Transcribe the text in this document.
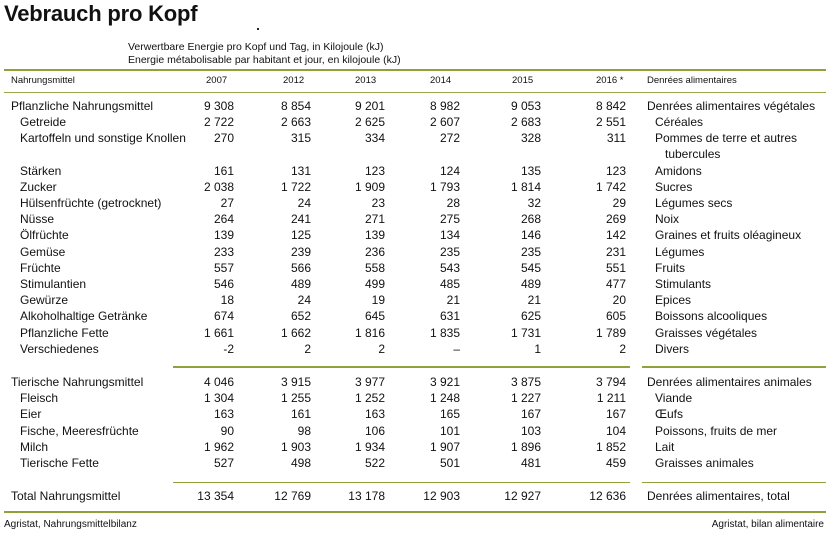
Vebrauch pro Kopf
Verwertbare Energie pro Kopf und Tag, in Kilojoule (kJ)
Energie métabolisable par habitant et jour, en kilojoule (kJ)
Nahrungsmittel	2007	2012	2013	2014	2015	2016 * Denrées alimentaires
Pflanzliche Nahrungsmittel	9 308	8 854	9 201	8 982	9 053	8 842 Denrées alimentaires végétales
Getreide	2 722	2 663	2 625	2 607	2 683	2 551 Céréales
Kartoffeln und sonstige Knollen	270	315	334	272	328	311 Pommes de terre et autres
tubercules
Stärken	161	131	123	124	135	123 Amidons
Zucker	2 038	1 722	1 909	1 793	1 814	1 742 Sucres
Hülsenfrüchte (getrocknet)	27	24	23	28	32	29 Légumes secs
Nüsse	264	241	271	275	268	269 Noix
Ölfrüchte	139	125	139	134	146	142 Graines et fruits oléagineux
Gemüse	233	239	236	235	235	231 Légumes
Früchte	557	566	558	543	545	551 Fruits
Stimulantien	546	489	499	485	489	477 Stimulants
Gewürze	18	24	19	21	21	20 Epices
Alkoholhaltige Getränke	674	652	645	631	625	605 Boissons alcooliques
Pflanzliche Fette	1 661	1 662	1 816	1 835	1 731	1 789 Graisses végétales
Verschiedenes	-2	2	2	–	1	2 Divers
Tierische Nahrungsmittel	4 046	3 915	3 977	3 921	3 875	3 794 Denrées alimentaires animales
Fleisch	1 304	1 255	1 252	1 248	1 227	1 211 Viande
Eier	163	161	163	165	167	167 Œufs
Fische, Meeresfrüchte	90	98	106	101	103	104 Poissons, fruits de mer
Milch	1 962	1 903	1 934	1 907	1 896	1 852 Lait
Tierische Fette	527	498	522	501	481	459 Graisses animales
Total Nahrungsmittel	13 354	12 769	13 178	12 903	12 927	12 636 Denrées alimentaires, total
Agristat, Nahrungsmittelbilanz	Agristat, bilan alimentaire
